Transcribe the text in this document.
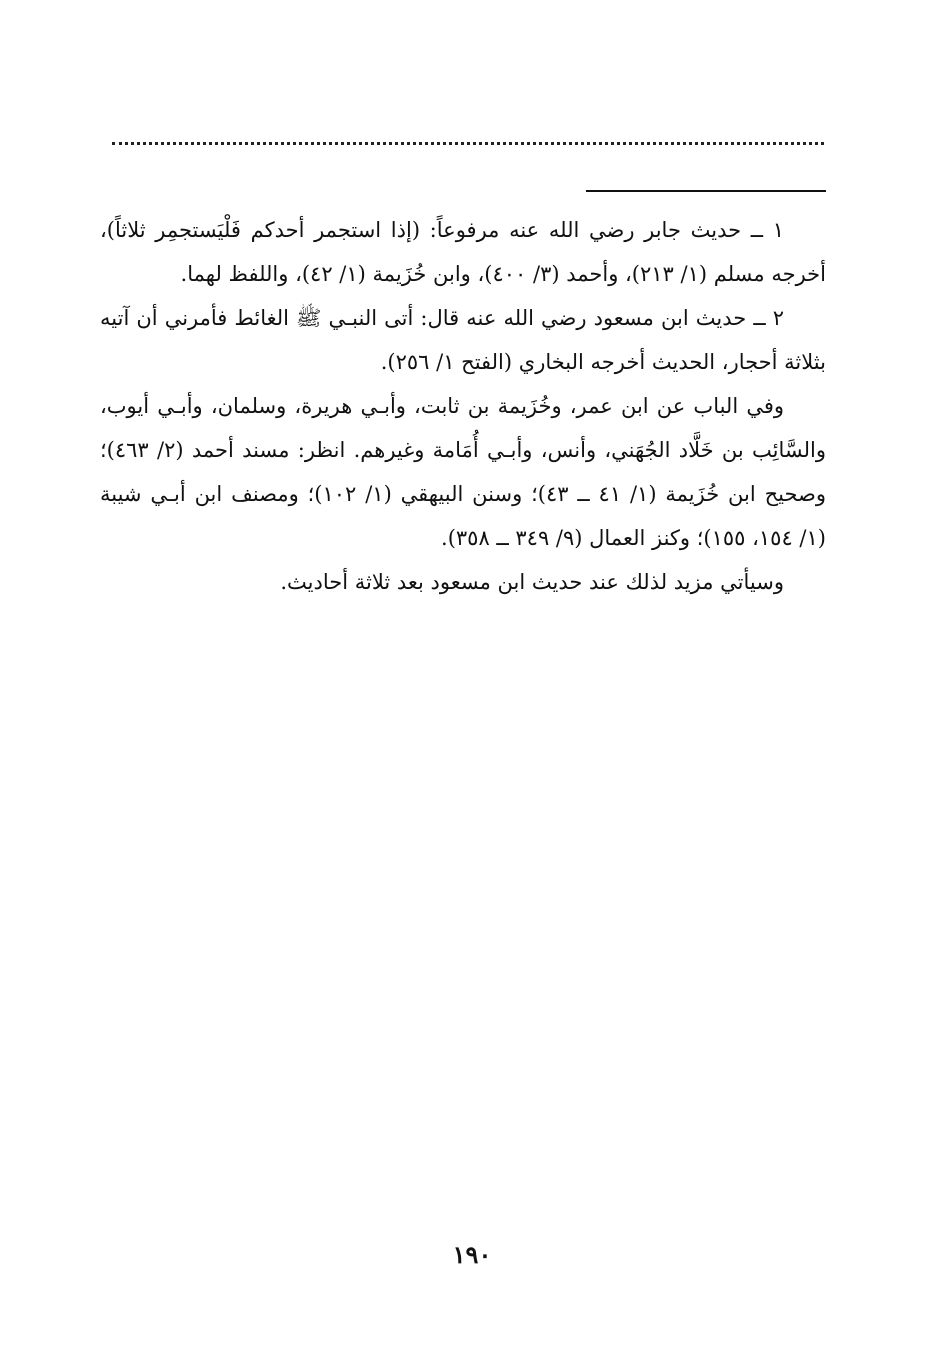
١ ــ حديث جابر رضي الله عنه مرفوعاً: (إذا استجمر أحدكم فَلْيَستجمِر ثلاثاً)، أخرجه مسلم (١/ ٢١٣)، وأحمد (٣/ ٤٠٠)، وابن خُزَيمة (١/ ٤٢)، واللفظ لهما.

٢ ــ حديث ابن مسعود رضي الله عنه قال: أتى النبـي ﷺ الغائط فأمرني أن آتيه بثلاثة أحجار، الحديث أخرجه البخاري (الفتح ١/ ٢٥٦).

وفي الباب عن ابن عمر، وخُزَيمة بن ثابت، وأبـي هريرة، وسلمان، وأبـي أيوب، والسَّائِب بن خَلَّاد الجُهَني، وأنس، وأبـي أُمَامة وغيرهم. انظر: مسند أحمد (٢/ ٤٦٣)؛ وصحيح ابن خُزَيمة (١/ ٤١ ــ ٤٣)؛ وسنن البيهقي (١/ ١٠٢)؛ ومصنف ابن أبـي شيبة (١/ ١٥٤، ١٥٥)؛ وكنز العمال (٩/ ٣٤٩ ــ ٣٥٨).

وسيأتي مزيد لذلك عند حديث ابن مسعود بعد ثلاثة أحاديث.

١٩٠
